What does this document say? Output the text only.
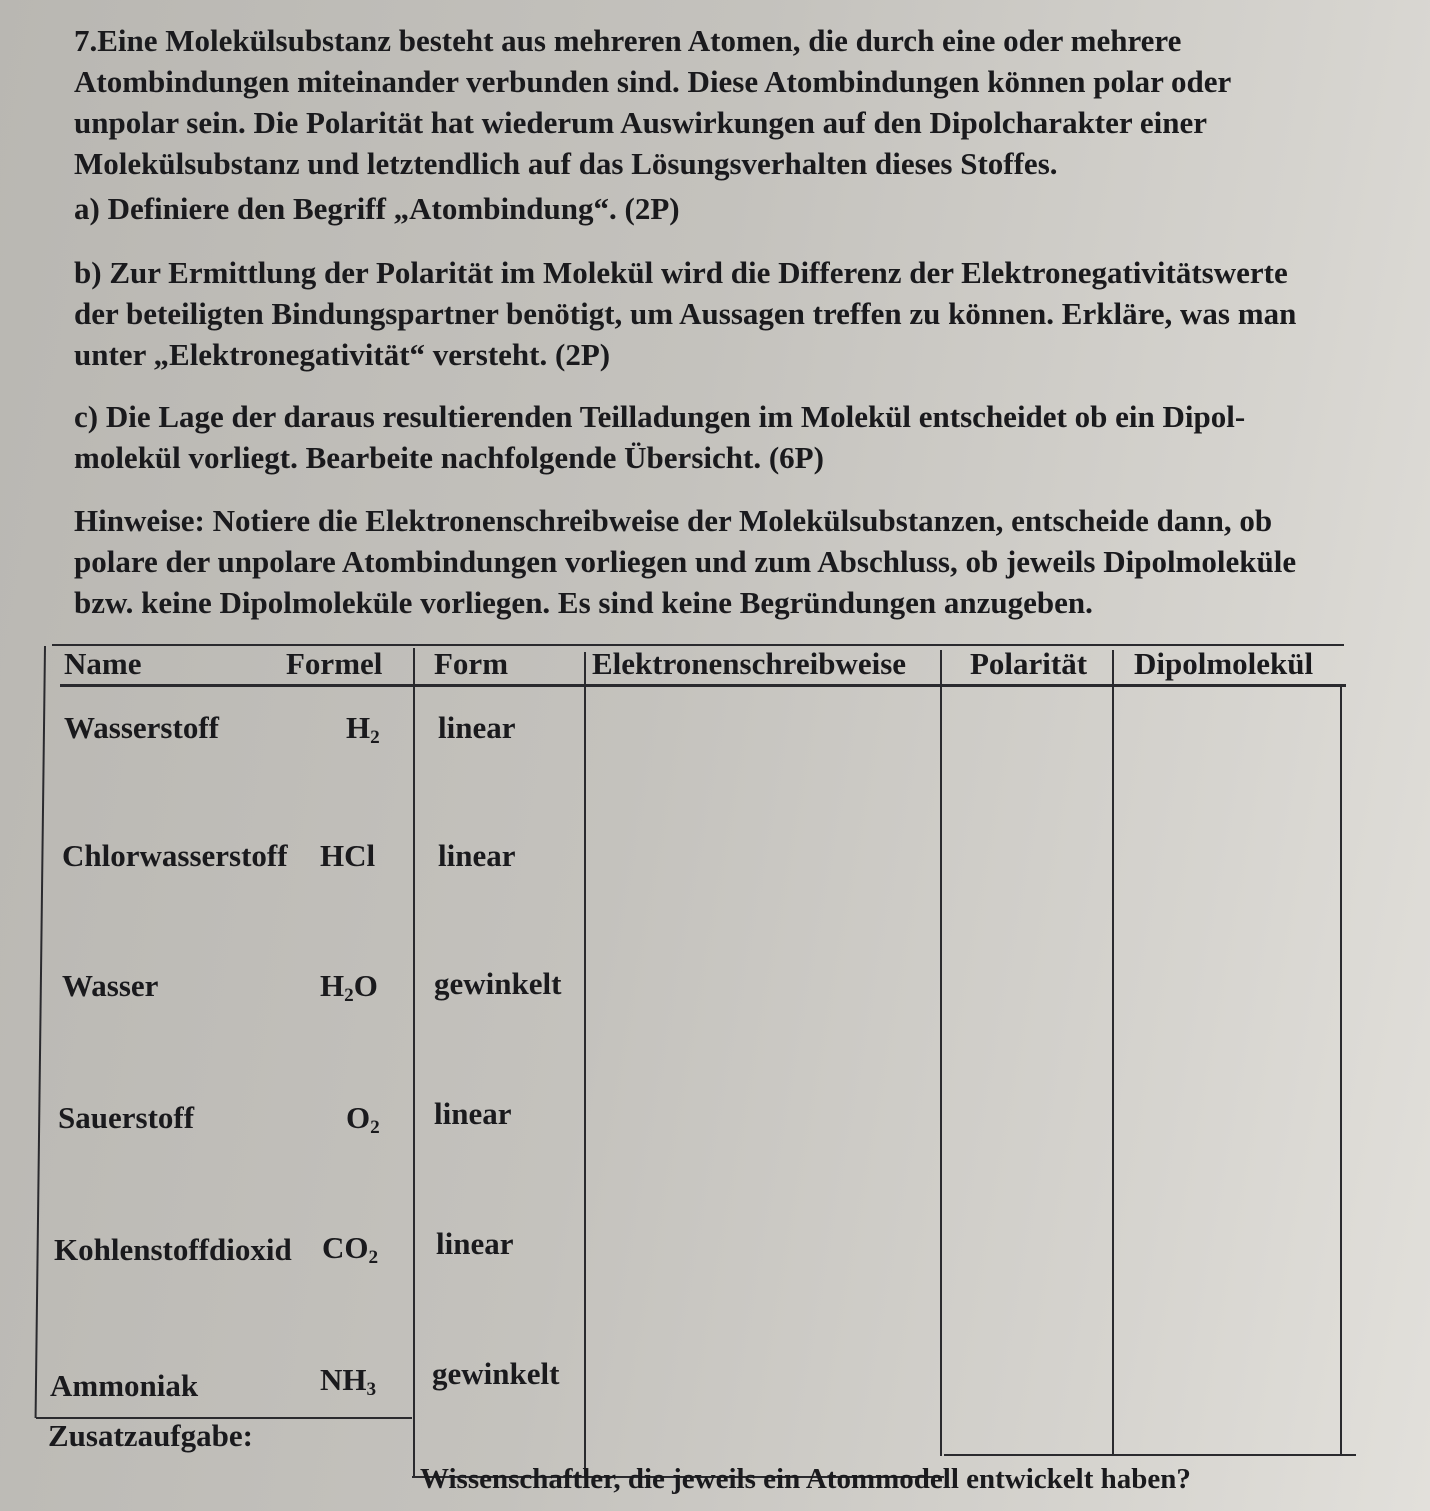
7.Eine Molekülsubstanz besteht aus mehreren Atomen, die durch eine oder mehrere Atombindungen miteinander verbunden sind. Diese Atombindungen können polar oder unpolar sein. Die Polarität hat wiederum Auswirkungen auf den Dipolcharakter einer Molekülsubstanz und letztendlich auf das Lösungsverhalten dieses Stoffes.

a) Definiere den Begriff „Atombindung“. (2P)

b) Zur Ermittlung der Polarität im Molekül wird die Differenz der Elektronegativitätswerte der beteiligten Bindungspartner benötigt, um Aussagen treffen zu können. Erkläre, was man unter „Elektronegativität“ versteht. (2P)

c) Die Lage der daraus resultierenden Teilladungen im Molekül entscheidet ob ein Dipol-molekül vorliegt. Bearbeite nachfolgende Übersicht. (6P)

Hinweise: Notiere die Elektronenschreibweise der Molekülsubstanzen, entscheide dann, ob polare der unpolare Atombindungen vorliegen und zum Abschluss, ob jeweils Dipolmoleküle bzw. keine Dipolmoleküle vorliegen. Es sind keine Begründungen anzugeben.

Name	Formel Form	Elektronenschreibweise Polarität Dipolmolekül
Wasserstoff	$H_2$ linear
Chlorwasserstoff HCl linear
Wasser	$H_2O$ gewinkelt
Sauerstoff	$O_2$ linear
Kohlenstoffdioxid $CO_2$ linear
Ammoniak	$NH_3$ gewinkelt
Zusatzaufgabe:
Wissenschaftler, die jeweils ein Atommodell entwickelt haben?
